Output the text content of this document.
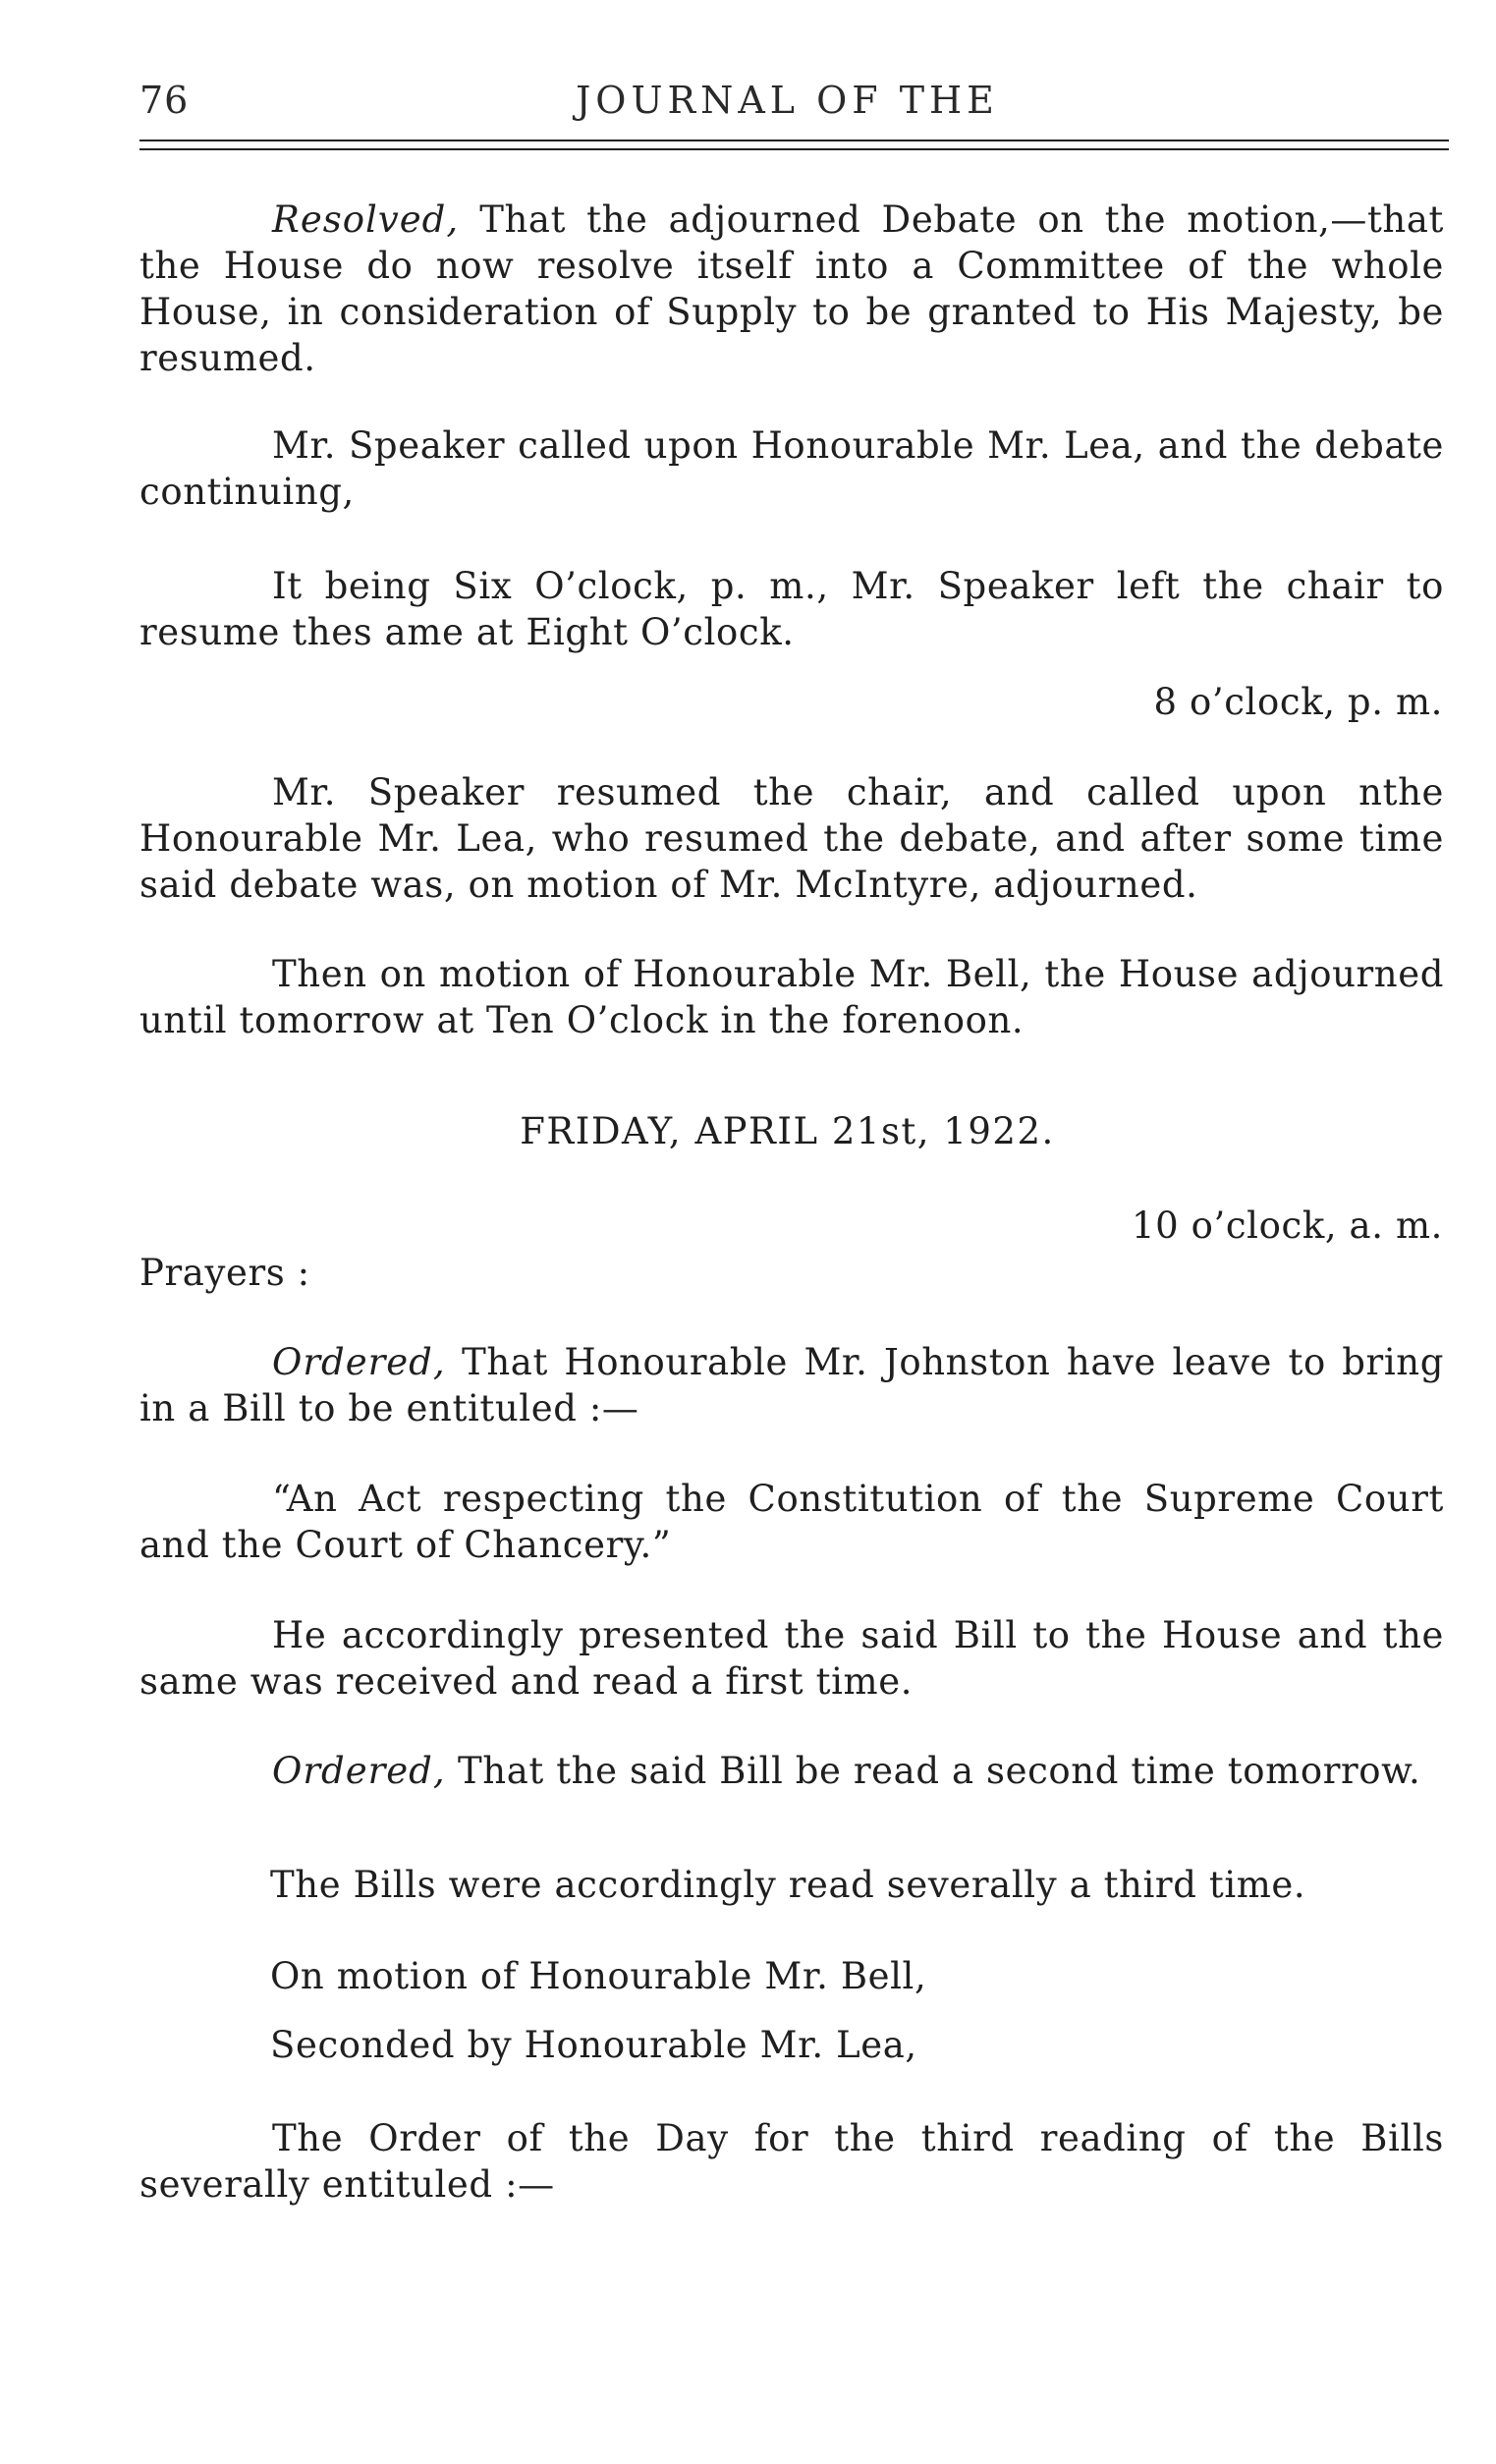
76	JOURNAL OF THE
Resolved, That the adjourned Debate on the motion,—that the House do now resolve itself into a Committee of the whole House, in consideration of Supply to be granted to His Majesty, be resumed.
Mr. Speaker called upon Honourable Mr. Lea, and the debate continuing,
It being Six O’clock, p. m., Mr. Speaker left the chair to resume thes ame at Eight O’clock.
8 o’clock, p. m.
Mr. Speaker resumed the chair, and called upon nthe Honourable Mr. Lea, who resumed the debate, and after some time said debate was, on motion of Mr. McIntyre, adjourned.
Then on motion of Honourable Mr. Bell, the House adjourned until tomorrow at Ten O’clock in the forenoon.
FRIDAY, APRIL 21st, 1922.
10 o’clock, a. m.
Prayers :
Ordered, That Honourable Mr. Johnston have leave to bring in a Bill to be entituled :—
“An Act respecting the Constitution of the Supreme Court and the Court of Chancery.”
He accordingly presented the said Bill to the House and the same was received and read a first time.
Ordered, That the said Bill be read a second time tomorrow.
The Bills were accordingly read severally a third time.
On motion of Honourable Mr. Bell,
Seconded by Honourable Mr. Lea,
The Order of the Day for the third reading of the Bills severally entituled :—
